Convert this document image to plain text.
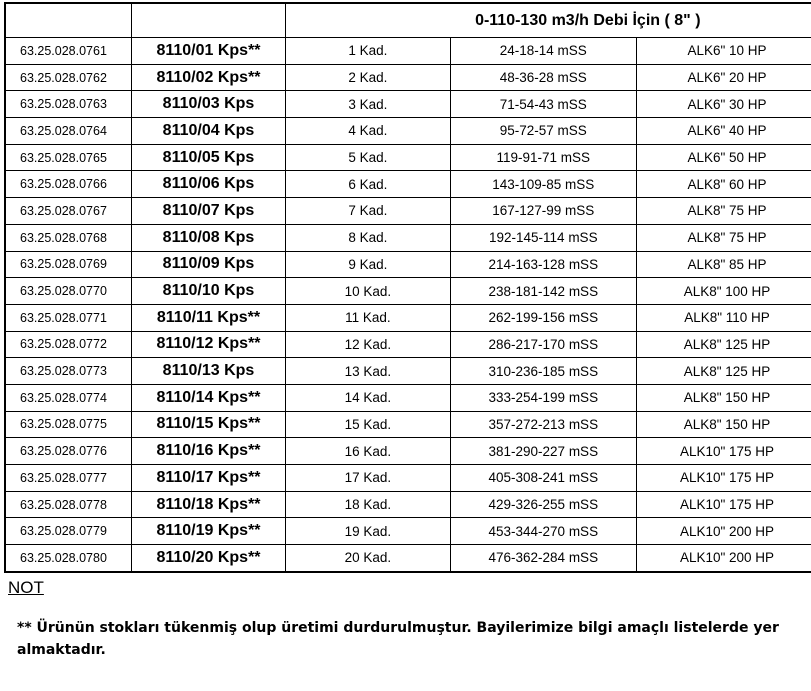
			0-110-130 m3/h Debi İçin ( 8" )	
63.25.028.0761	8110/01 Kps**	1 Kad.	24-18-14 mSS	ALK6" 10 HP
63.25.028.0762	8110/02 Kps**	2 Kad.	48-36-28 mSS	ALK6" 20 HP
63.25.028.0763	8110/03 Kps	3 Kad.	71-54-43 mSS	ALK6" 30 HP
63.25.028.0764	8110/04 Kps	4 Kad.	95-72-57 mSS	ALK6" 40 HP
63.25.028.0765	8110/05 Kps	5 Kad.	119-91-71 mSS	ALK6" 50 HP
63.25.028.0766	8110/06 Kps	6 Kad.	143-109-85 mSS	ALK8" 60 HP
63.25.028.0767	8110/07 Kps	7 Kad.	167-127-99 mSS	ALK8" 75 HP
63.25.028.0768	8110/08 Kps	8 Kad.	192-145-114 mSS	ALK8" 75 HP
63.25.028.0769	8110/09 Kps	9 Kad.	214-163-128 mSS	ALK8" 85 HP
63.25.028.0770	8110/10 Kps	10 Kad.	238-181-142 mSS	ALK8" 100 HP
63.25.028.0771	8110/11 Kps**	11 Kad.	262-199-156 mSS	ALK8" 110 HP
63.25.028.0772	8110/12 Kps**	12 Kad.	286-217-170 mSS	ALK8" 125 HP
63.25.028.0773	8110/13 Kps	13 Kad.	310-236-185 mSS	ALK8" 125 HP
63.25.028.0774	8110/14 Kps**	14 Kad.	333-254-199 mSS	ALK8" 150 HP
63.25.028.0775	8110/15 Kps**	15 Kad.	357-272-213 mSS	ALK8" 150 HP
63.25.028.0776	8110/16 Kps**	16 Kad.	381-290-227 mSS	ALK10" 175 HP
63.25.028.0777	8110/17 Kps**	17 Kad.	405-308-241 mSS	ALK10" 175 HP
63.25.028.0778	8110/18 Kps**	18 Kad.	429-326-255 mSS	ALK10" 175 HP
63.25.028.0779	8110/19 Kps**	19 Kad.	453-344-270 mSS	ALK10" 200 HP
63.25.028.0780	8110/20 Kps**	20 Kad.	476-362-284 mSS	ALK10" 200 HP
NOT
** Ürünün stokları tükenmiş olup üretimi durdurulmuştur. Bayilerimize bilgi amaçlı listelerde yer almaktadır.
